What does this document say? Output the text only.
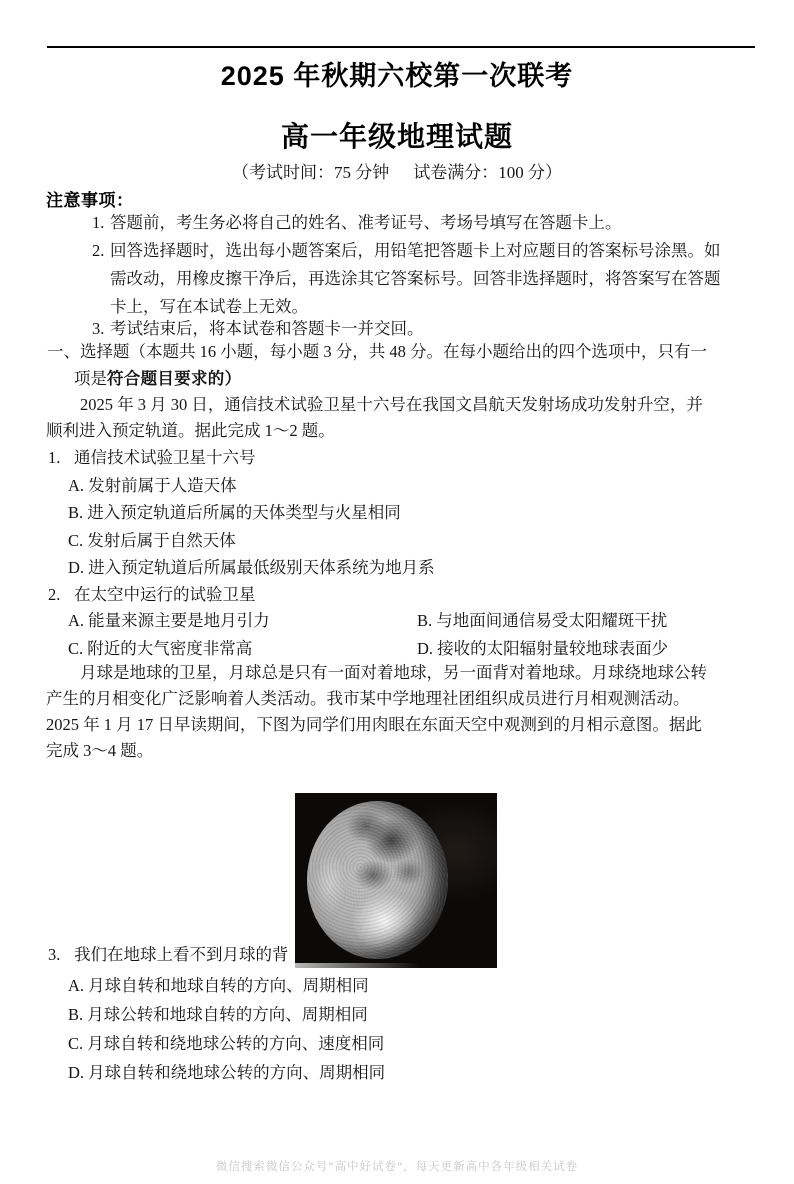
2025 年秋期六校第一次联考
高一年级地理试题
（考试时间：75 分钟 试卷满分：100 分）
注意事项：
1. 答题前，考生务必将自己的姓名、准考证号、考场号填写在答题卡上。
2. 回答选择题时，选出每小题答案后，用铅笔把答题卡上对应题目的答案标号涂黑。如
需改动，用橡皮擦干净后，再选涂其它答案标号。回答非选择题时，将答案写在答题
卡上，写在本试卷上无效。
3. 考试结束后，将本试卷和答题卡一并交回。
一、选择题（本题共 16 小题，每小题 3 分，共 48 分。在每小题给出的四个选项中，只有一
项是符合题目要求的）
2025 年 3 月 30 日，通信技术试验卫星十六号在我国文昌航天发射场成功发射升空，并
顺利进入预定轨道。据此完成 1～2 题。
1. 通信技术试验卫星十六号
A. 发射前属于人造天体
B. 进入预定轨道后所属的天体类型与火星相同
C. 发射后属于自然天体
D. 进入预定轨道后所属最低级别天体系统为地月系
2. 在太空中运行的试验卫星
A. 能量来源主要是地月引力	B. 与地面间通信易受太阳耀斑干扰
C. 附近的大气密度非常高	D. 接收的太阳辐射量较地球表面少
月球是地球的卫星，月球总是只有一面对着地球，另一面背对着地球。月球绕地球公转
产生的月相变化广泛影响着人类活动。我市某中学地理社团组织成员进行月相观测活动。
2025 年 1 月 17 日早读期间，下图为同学们用肉眼在东面天空中观测到的月相示意图。据此
完成 3～4 题。
3. 我们在地球上看不到月球的背
A. 月球自转和地球自转的方向、周期相同
B. 月球公转和地球自转的方向、周期相同
C. 月球自转和绕地球公转的方向、速度相同
D. 月球自转和绕地球公转的方向、周期相同
微信搜索微信公众号“高中好试卷”，每天更新高中各年级相关试卷
